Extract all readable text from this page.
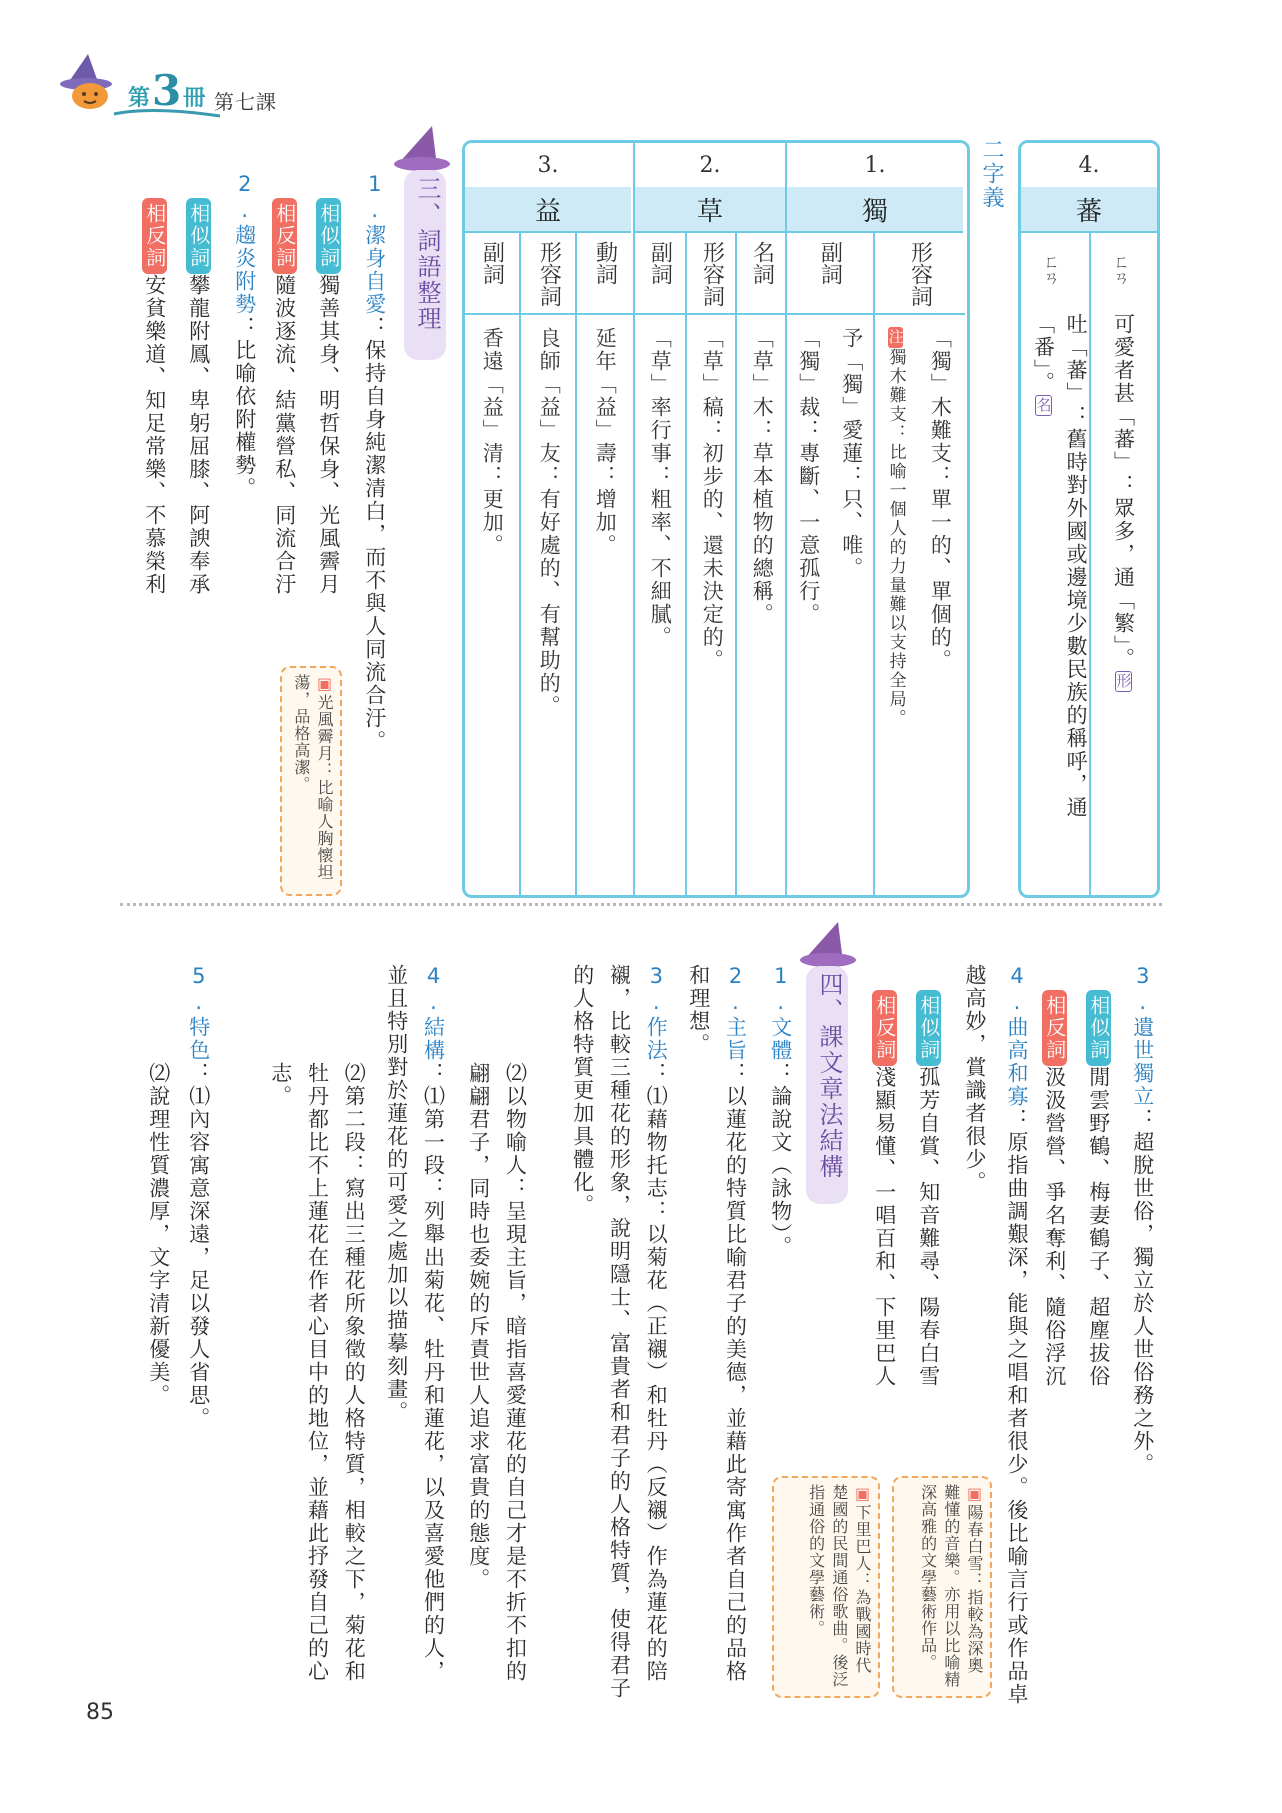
第3冊 第七課
二字義	4.
蕃
ㄈㄢ
吐「蕃」：舊時對外國或邊境少數民族的稱呼，通「番」。名
ㄈㄢ
可愛者甚「蕃」：眾多，通「繁」。形
3.
益
副詞
香遠「益」清：更加。
形容詞
良師「益」友：有好處的、有幫助的。
動詞
延年「益」壽：增加。
2.
草
副詞
「草」率行事：粗率、不細膩。
形容詞
「草」稿：初步的、還未決定的。
名詞
「草」木：草本植物的總稱。
1.
獨
副詞
「獨」裁：專斷、一意孤行。 予「獨」愛蓮：只、唯。
形容詞
注獨木難支：比喻一個人的力量難以支持全局。 「獨」木難支：單一的、單個的。
三、詞語整理
1.潔身自愛：保持自身純潔清白，而不與人同流合汙。
相似詞獨善其身、明哲保身、光風霽月
相反詞隨波逐流、結黨營私、同流合汙
▣光風霽月：比喻人胸懷坦蕩，品格高潔。
2.趨炎附勢：比喻依附權勢。
相似詞攀龍附鳳、卑躬屈膝、阿諛奉承
相反詞安貧樂道、知足常樂、不慕榮利
3.遺世獨立：超脫世俗，獨立於人世俗務之外。
相似詞閒雲野鶴、梅妻鶴子、超塵拔俗
相反詞汲汲營營、爭名奪利、隨俗浮沉
4.曲高和寡：原指曲調艱深，能與之唱和者很少。後比喻言行或作品卓越高妙，賞識者很少。
相似詞孤芳自賞、知音難尋、陽春白雪
相反詞淺顯易懂、一唱百和、下里巴人
▣陽春白雪：指較為深奧難懂的音樂。亦用以比喻精深高雅的文學藝術作品。
▣下里巴人：為戰國時代楚國的民間通俗歌曲。後泛指通俗的文學藝術。
四、課文章法結構
1.文體：論說文（詠物）。
2.主旨：以蓮花的特質比喻君子的美德，並藉此寄寓作者自己的品格和理想。
3.作法：⑴藉物托志：以菊花（正襯）和牡丹（反襯）作為蓮花的陪襯，比較三種花的形象，說明隱士、富貴者和君子的人格特質，使得君子的人格特質更加具體化。
⑵以物喻人：呈現主旨，暗指喜愛蓮花的自己才是不折不扣的翩翩君子，同時也委婉的斥責世人追求富貴的態度。
4.結構：⑴第一段：列舉出菊花、牡丹和蓮花，以及喜愛他們的人，並且特別對於蓮花的可愛之處加以描摹刻畫。
⑵第二段：寫出三種花所象徵的人格特質，相較之下，菊花和牡丹都比不上蓮花在作者心目中的地位，並藉此抒發自己的心志。
5.特色：⑴內容寓意深遠，足以發人省思。
⑵說理性質濃厚，文字清新優美。
85
